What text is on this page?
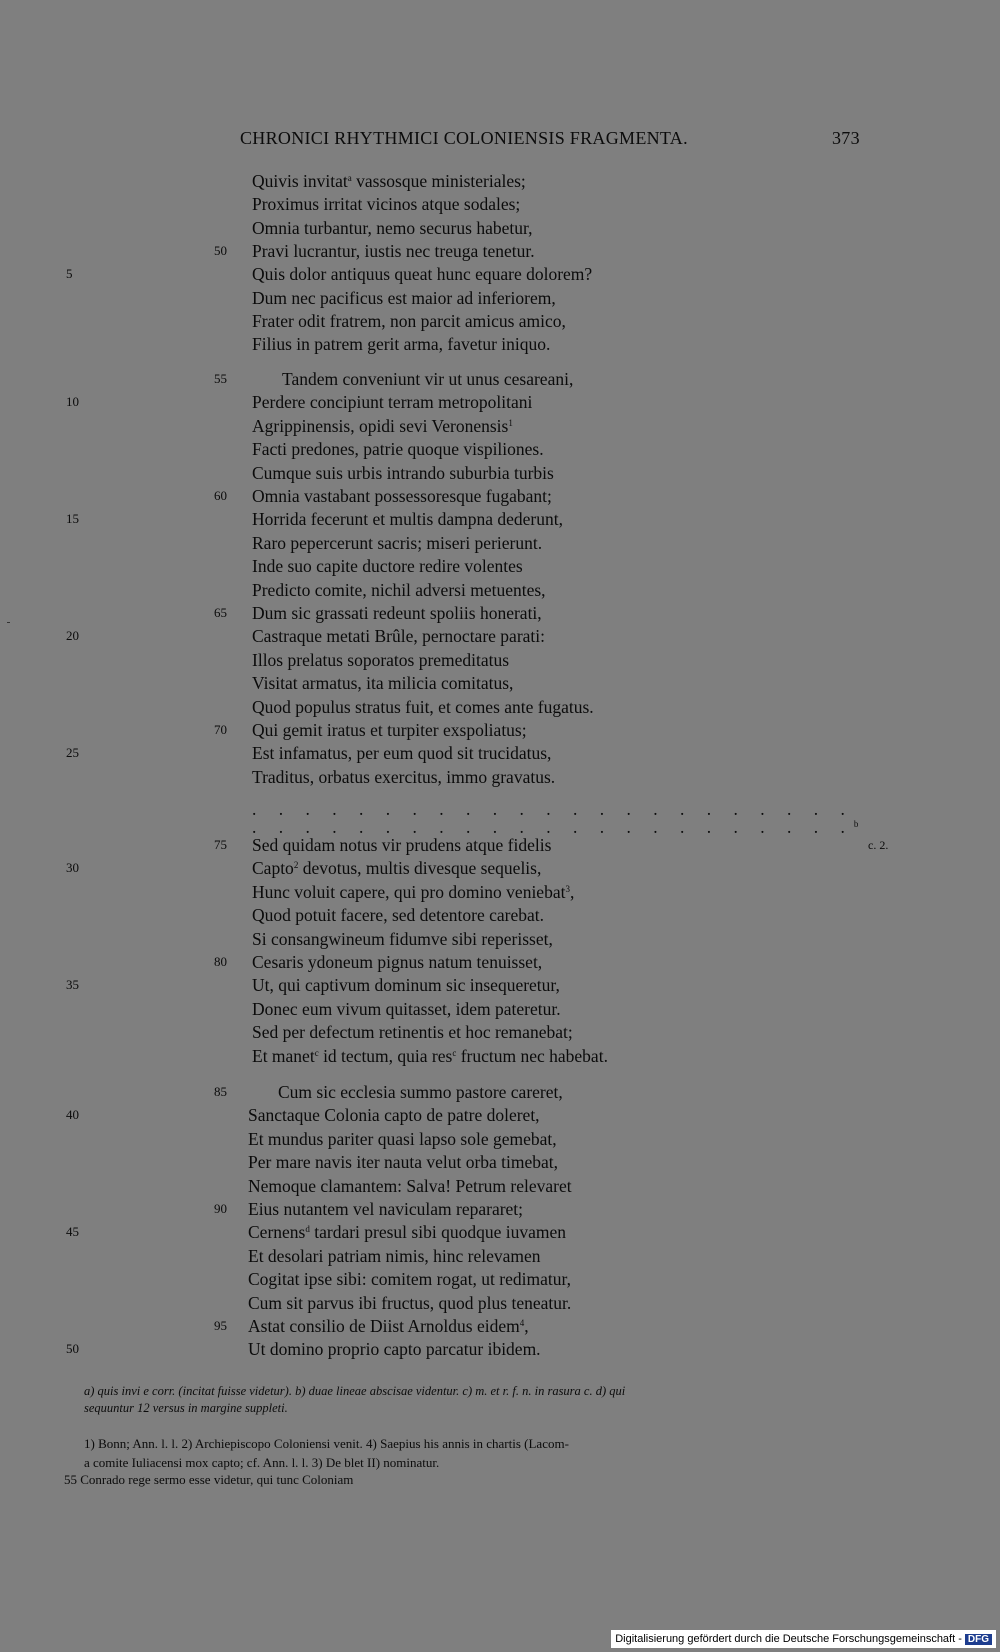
CHRONICI RHYTHMICI COLONIENSIS FRAGMENTA.	373
Quivis invitat$^a$ vassosque ministeriales;
Proximus irritat vicinos atque sodales;
Omnia turbantur, nemo securus habetur,
50	Pravi lucrantur, iustis nec treuga tenetur.
5	Quis dolor antiquus queat hunc equare dolorem?
Dum nec pacificus est maior ad inferiorem,
Frater odit fratrem, non parcit amicus amico,
Filius in patrem gerit arma, favetur iniquo.
55	Tandem conveniunt vir ut unus cesareani,
10	Perdere concipiunt terram metropolitani
Agrippinensis, opidi sevi Veronensis$^1$
Facti predones, patrie quoque vispiliones.
Cumque suis urbis intrando suburbia turbis
60	Omnia vastabant possessoresque fugabant;
15	Horrida fecerunt et multis dampna dederunt,
Raro pepercerunt sacris; miseri perierunt.
Inde suo capite ductore redire volentes
Predicto comite, nichil adversi metuentes,
65	Dum sic grassati redeunt spoliis honerati,
20	Castraque metati Brûle, pernoctare parati:
Illos prelatus soporatos premeditatus
Visitat armatus, ita milicia comitatus,
Quod populus stratus fuit, et comes ante fugatus.
70	Qui gemit iratus et turpiter exspoliatus;
25	Est infamatus, per eum quod sit trucidatus,
Traditus, orbatus exercitus, immo gravatus.
. . . . . . . . . . . . . . . . . . . . . . .
. . . . . . . . . . . . . . . . . . . . . . .$^b$
75	Sed quidam notus vir prudens atque fidelis	c. 2.
30	Capto$^2$ devotus, multis divesque sequelis,
Hunc voluit capere, qui pro domino veniebat$^3$,
Quod potuit facere, sed detentore carebat.
Si consangwineum fidumve sibi reperisset,
80	Cesaris ydoneum pignus natum tenuisset,
35	Ut, qui captivum dominum sic insequeretur,
Donec eum vivum quitasset, idem pateretur.
Sed per defectum retinentis et hoc remanebat;
Et manet$^c$ id tectum, quia res$^c$ fructum nec habebat.
85	Cum sic ecclesia summo pastore careret,
40	Sanctaque Colonia capto de patre doleret,
Et mundus pariter quasi lapso sole gemebat,
Per mare navis iter nauta velut orba timebat,
Nemoque clamantem: Salva! Petrum relevaret
90	Eius nutantem vel naviculam repararet;
45	Cernens$^d$ tardari presul sibi quodque iuvamen
Et desolari patriam nimis, hinc relevamen
Cogitat ipse sibi: comitem rogat, ut redimatur,
Cum sit parvus ibi fructus, quod plus teneatur.
95	Astat consilio de Diist Arnoldus eidem$^4$,
50	Ut domino proprio capto parcatur ibidem.
a) quis invi e corr. (incitat fuisse videtur). b) duae lineae abscisae videntur. c) m. et r. f. n. in rasura c. d) qui
sequuntur 12 versus in margine suppleti.
1) Bonn; Ann. l. l. 2) Archiepiscopo Coloniensi venit. 4) Saepius his annis in chartis (Lacom-
a comite Iuliacensi mox capto; cf. Ann. l. l. 3) De blet II) nominatur.
55 Conrado rege sermo esse videtur, qui tunc Coloniam
Digitalisierung gefördert durch die Deutsche Forschungsgemeinschaft - DFG
